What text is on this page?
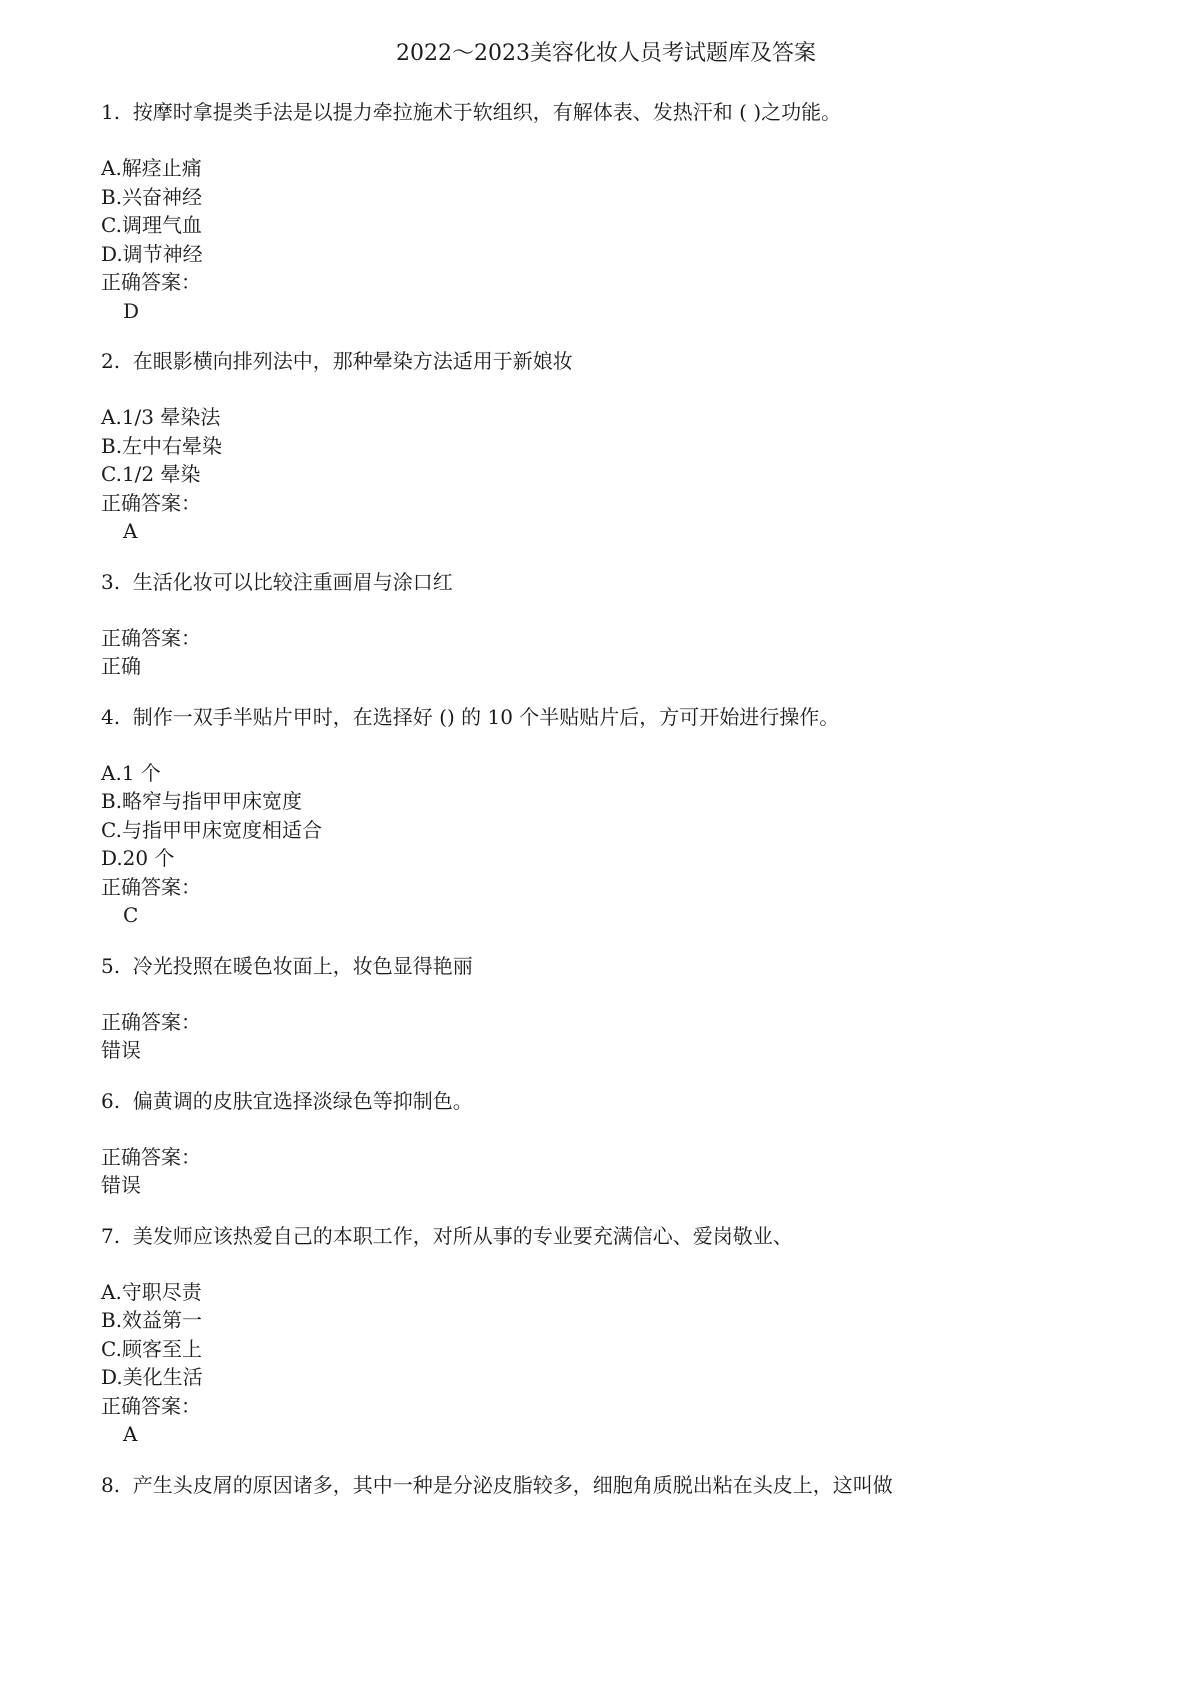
2022～2023美容化妆人员考试题库及答案

1.  按摩时拿提类手法是以提力牵拉施术于软组织，有解体表、发热汗和 ( )之功能。

A.解痉止痛
B.兴奋神经
C.调理气血
D.调节神经

正确答案：

D

2.  在眼影横向排列法中，那种晕染方法适用于新娘妆

A.1/3 晕染法
B.左中右晕染
C.1/2 晕染

正确答案：

A

3.  生活化妆可以比较注重画眉与涂口红

正确答案：

正确

4.  制作一双手半贴片甲时，在选择好 () 的 10 个半贴贴片后，方可开始进行操作。

A.1 个
B.略窄与指甲甲床宽度
C.与指甲甲床宽度相适合
D.20 个

正确答案：

C

5.  冷光投照在暖色妆面上，妆色显得艳丽

正确答案：

错误

6.  偏黄调的皮肤宜选择淡绿色等抑制色。

正确答案：

错误

7.  美发师应该热爱自己的本职工作，对所从事的专业要充满信心、爱岗敬业、

A.守职尽责
B.效益第一
C.顾客至上
D.美化生活

正确答案：

A

8.  产生头皮屑的原因诸多，其中一种是分泌皮脂较多，细胞角质脱出粘在头皮上，这叫做
